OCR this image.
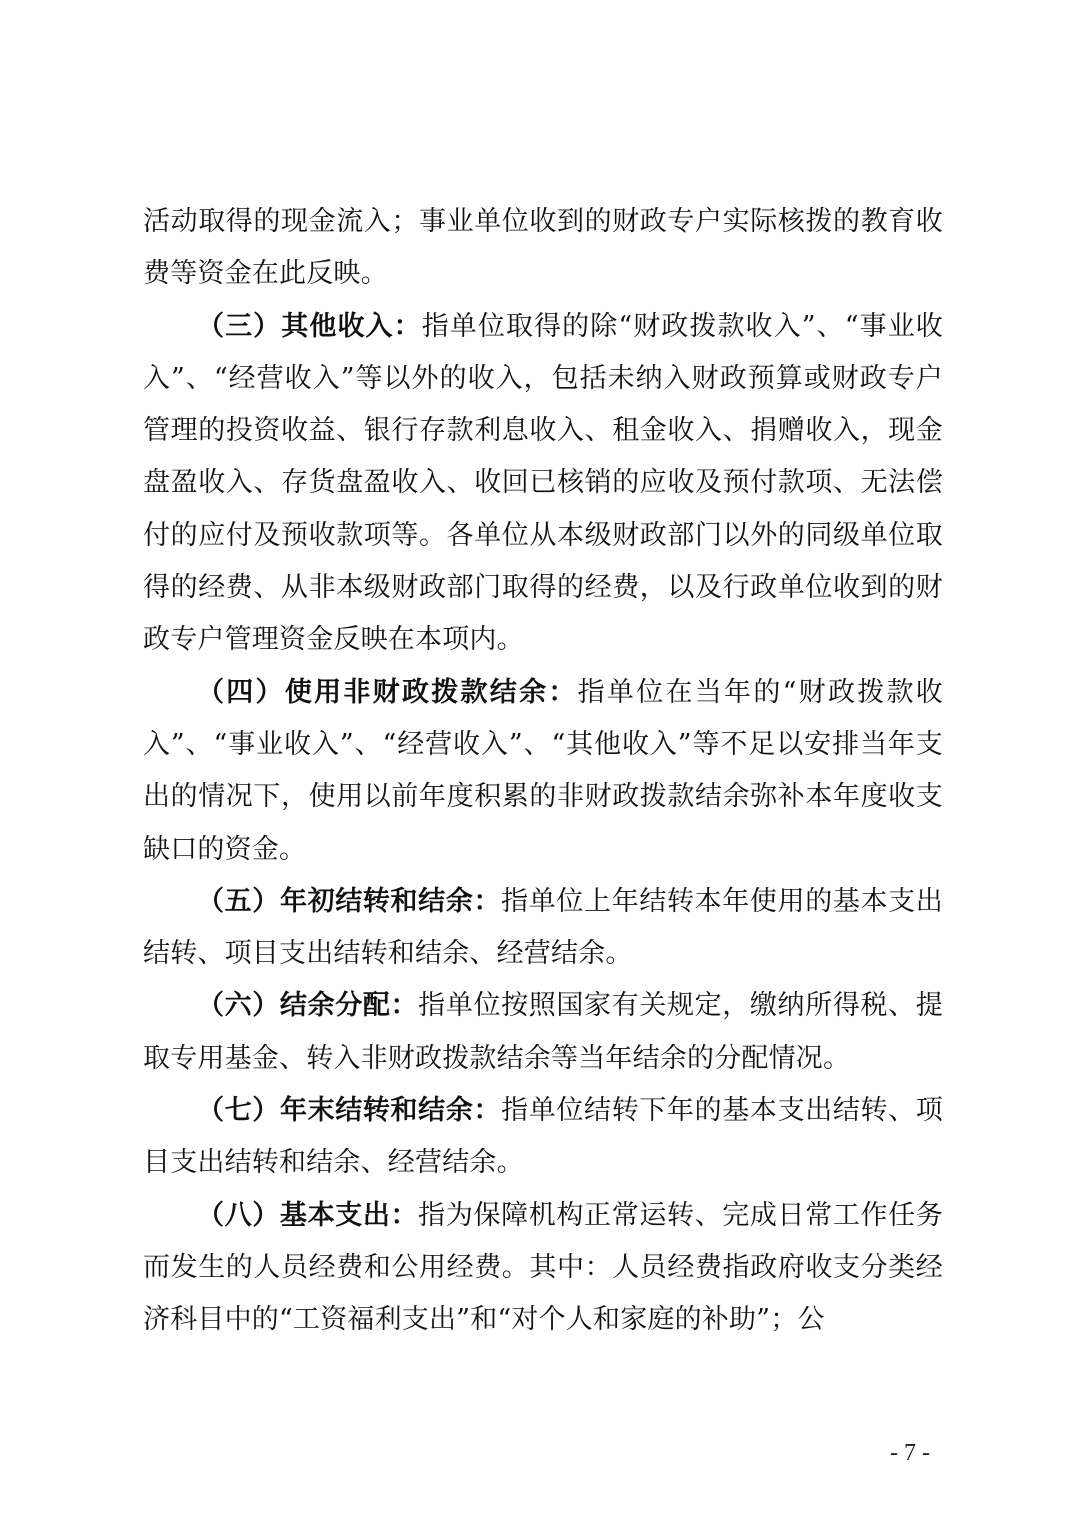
活动取得的现金流入；事业单位收到的财政专户实际核拨的教育收费等资金在此反映。

（三）其他收入：指单位取得的除“财政拨款收入”、“事业收入”、“经营收入”等以外的收入，包括未纳入财政预算或财政专户管理的投资收益、银行存款利息收入、租金收入、捐赠收入，现金盘盈收入、存货盘盈收入、收回已核销的应收及预付款项、无法偿付的应付及预收款项等。各单位从本级财政部门以外的同级单位取得的经费、从非本级财政部门取得的经费，以及行政单位收到的财政专户管理资金反映在本项内。

（四）使用非财政拨款结余：指单位在当年的“财政拨款收入”、“事业收入”、“经营收入”、“其他收入”等不足以安排当年支出的情况下，使用以前年度积累的非财政拨款结余弥补本年度收支缺口的资金。

（五）年初结转和结余：指单位上年结转本年使用的基本支出结转、项目支出结转和结余、经营结余。

（六）结余分配：指单位按照国家有关规定，缴纳所得税、提取专用基金、转入非财政拨款结余等当年结余的分配情况。

（七）年末结转和结余：指单位结转下年的基本支出结转、项目支出结转和结余、经营结余。

（八）基本支出：指为保障机构正常运转、完成日常工作任务而发生的人员经费和公用经费。其中：人员经费指政府收支分类经济科目中的“工资福利支出”和“对个人和家庭的补助”；公

- 7 -
